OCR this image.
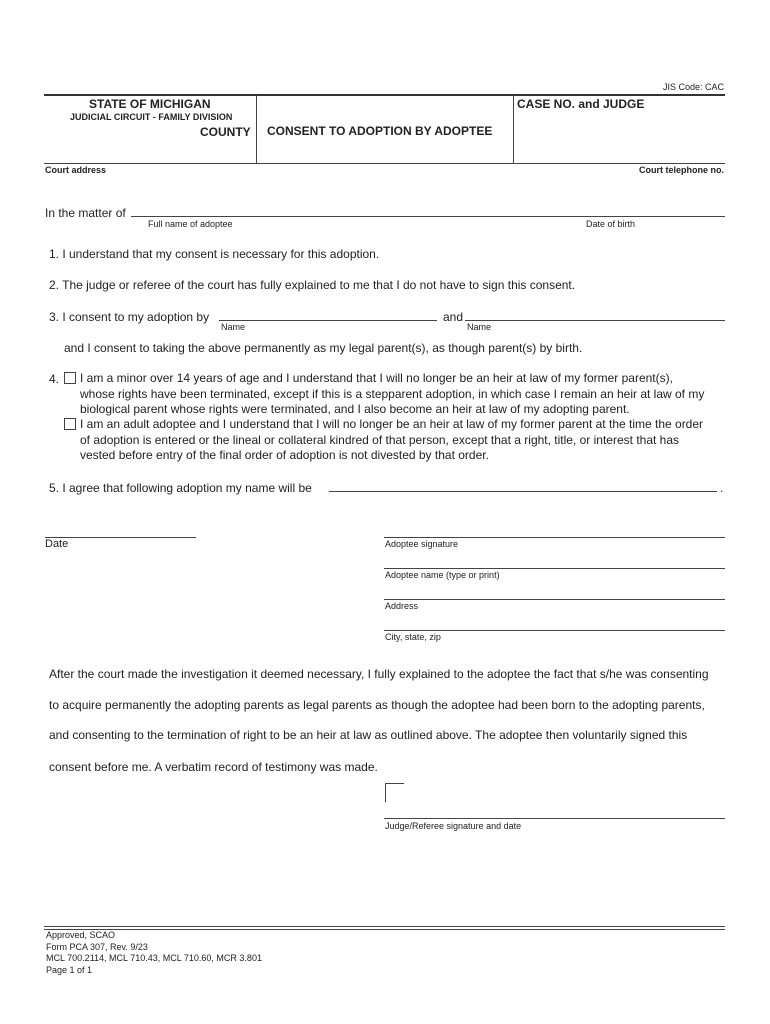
JIS Code: CAC
STATE OF MICHIGAN
JUDICIAL CIRCUIT - FAMILY DIVISION
COUNTY CONSENT TO ADOPTION BY ADOPTEE
CASE NO. and JUDGE
Court address	Court telephone no.
In the matter of
Full name of adoptee	Date of birth
1. I understand that my consent is necessary for this adoption.
2. The judge or referee of the court has fully explained to me that I do not have to sign this consent.
3. I consent to my adoption by
Name
and
Name
and I consent to taking the above permanently as my legal parent(s), as though parent(s) by birth.
4. I am a minor over 14 years of age and I understand that I will no longer be an heir at law of my former parent(s),
whose rights have been terminated, except if this is a stepparent adoption, in which case I remain an heir at law of my
biological parent whose rights were terminated, and I also become an heir at law of my adopting parent.
I am an adult adoptee and I understand that I will no longer be an heir at law of my former parent at the time the order
of adoption is entered or the lineal or collateral kindred of that person, except that a right, title, or interest that has
vested before entry of the final order of adoption is not divested by that order.
5. I agree that following adoption my name will be	.
Date	Adoptee signature
Adoptee name (type or print)
Address
City, state, zip
After the court made the investigation it deemed necessary, I fully explained to the adoptee the fact that s/he was consenting
to acquire permanently the adopting parents as legal parents as though the adoptee had been born to the adopting parents,
and consenting to the termination of right to be an heir at law as outlined above. The adoptee then voluntarily signed this
consent before me. A verbatim record of testimony was made.
Judge/Referee signature and date
Approved, SCAO
Form PCA 307, Rev. 9/23
MCL 700.2114, MCL 710.43, MCL 710.60, MCR 3.801
Page 1 of 1
